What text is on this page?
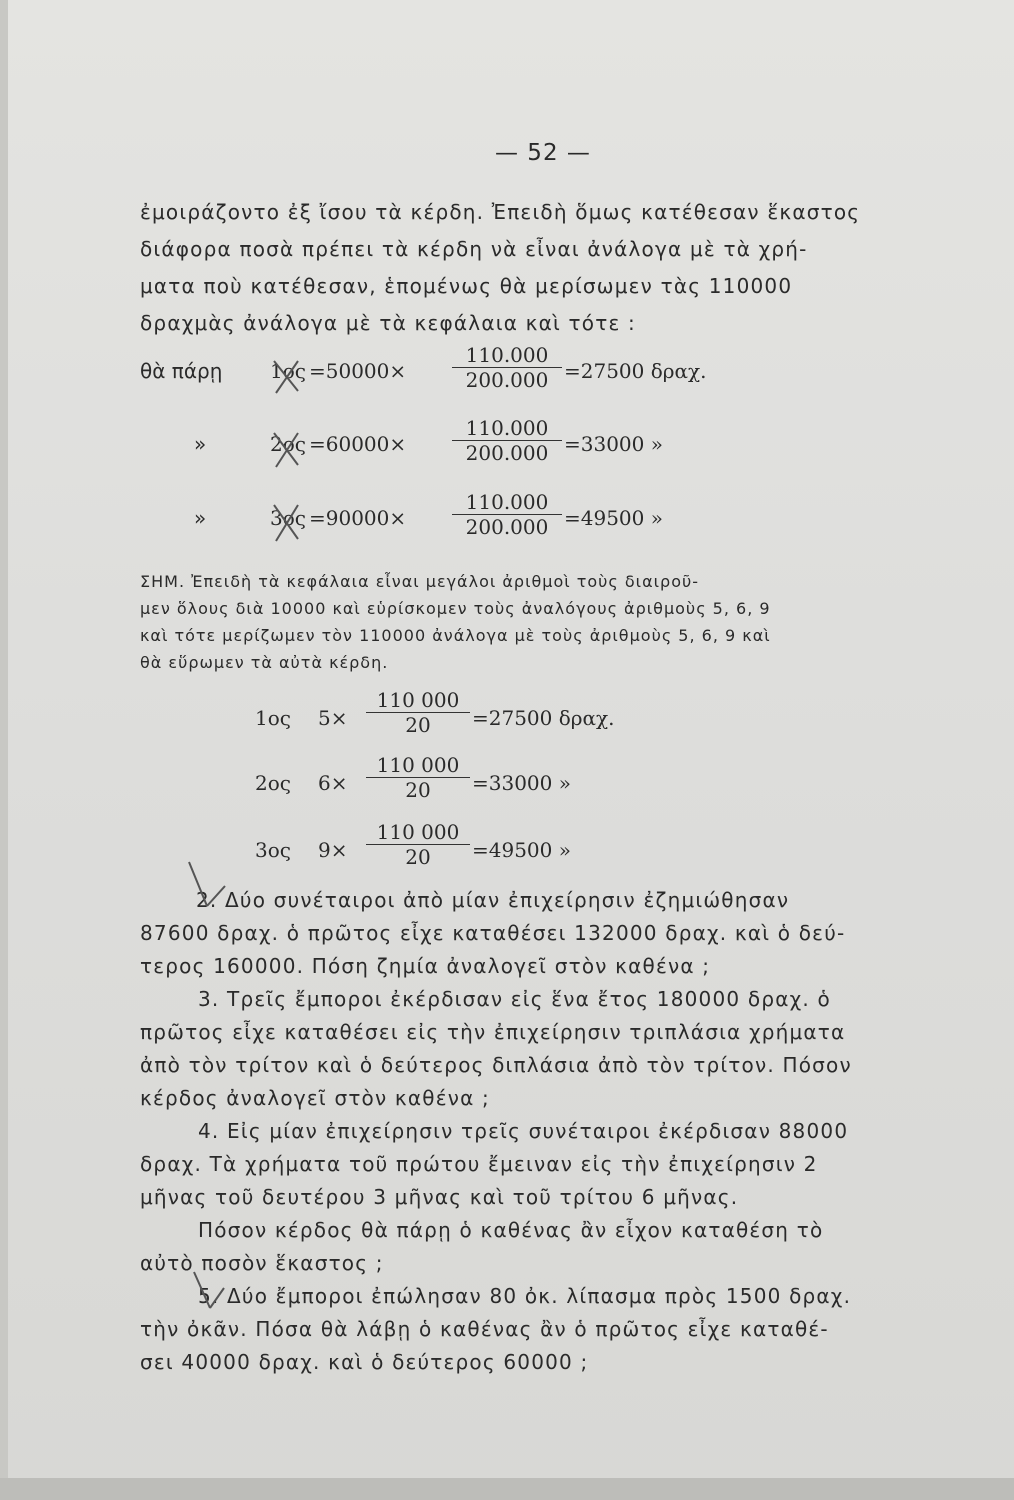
— 52 —
ἐμοιράζοντο ἐξ ἴσου τὰ κέρδη. Ἐπειδὴ ὅμως κατέθεσαν ἕκαστος
διάφορα ποσὰ πρέπει τὰ κέρδη νὰ εἶναι ἀνάλογα μὲ τὰ χρή-
ματα ποὺ κατέθεσαν, ἑπομένως θὰ μερίσωμεν τὰς 110000
δραχμὰς ἀνάλογα μὲ τὰ κεφάλαια καὶ τότε :
θὰ πάρῃ $1o\varsigma =50000\times \frac{110.000}{200.000} =27500$ δραχ.
»	$2o\varsigma =60000\times \frac{110.000}{200.000} =33000$ »
»	$3o\varsigma =90000\times \frac{110.000}{200.000} =49500$ »
ΣΗΜ. Ἐπειδὴ τὰ κεφάλαια εἶναι μεγάλοι ἀριθμοὶ τοὺς διαιροῦ-
μεν ὅλους διὰ 10000 καὶ εὑρίσκομεν τοὺς ἀναλόγους ἀριθμοὺς 5, 6, 9
καὶ τότε μερίζωμεν τὸν 110000 ἀνάλογα μὲ τοὺς ἀριθμοὺς 5, 6, 9 καὶ
θὰ εὕρωμεν τὰ αὐτὰ κέρδη.
1ος $5\times \frac{110 000}{20} =27500$ δραχ.
2ος $6\times \frac{110 000}{20} =33000$ »
3ος $9\times \frac{110 000}{20} =49500$ »
2. Δύο συνέταιροι ἀπὸ μίαν ἐπιχείρησιν ἐζημιώθησαν
87600 δραχ. ὁ πρῶτος εἶχε καταθέσει 132000 δραχ. καὶ ὁ δεύ-
τερος 160000. Πόση ζημία ἀναλογεῖ στὸν καθένα ;
3. Τρεῖς ἔμποροι ἐκέρδισαν εἰς ἕνα ἔτος 180000 δραχ. ὁ
πρῶτος εἶχε καταθέσει εἰς τὴν ἐπιχείρησιν τριπλάσια χρήματα
ἀπὸ τὸν τρίτον καὶ ὁ δεύτερος διπλάσια ἀπὸ τὸν τρίτον. Πόσον
κέρδος ἀναλογεῖ στὸν καθένα ;
4. Εἰς μίαν ἐπιχείρησιν τρεῖς συνέταιροι ἐκέρδισαν 88000
δραχ. Τὰ χρήματα τοῦ πρώτου ἔμειναν εἰς τὴν ἐπιχείρησιν 2
μῆνας τοῦ δευτέρου 3 μῆνας καὶ τοῦ τρίτου 6 μῆνας.
Πόσον κέρδος θὰ πάρῃ ὁ καθένας ἂν εἶχον καταθέση τὸ
αὐτὸ ποσὸν ἕκαστος ;
5. Δύο ἔμποροι ἐπώλησαν 80 ὀκ. λίπασμα πρὸς 1500 δραχ.
τὴν ὀκᾶν. Πόσα θὰ λάβῃ ὁ καθένας ἂν ὁ πρῶτος εἶχε καταθέ-
σει 40000 δραχ. καὶ ὁ δεύτερος 60000 ;
